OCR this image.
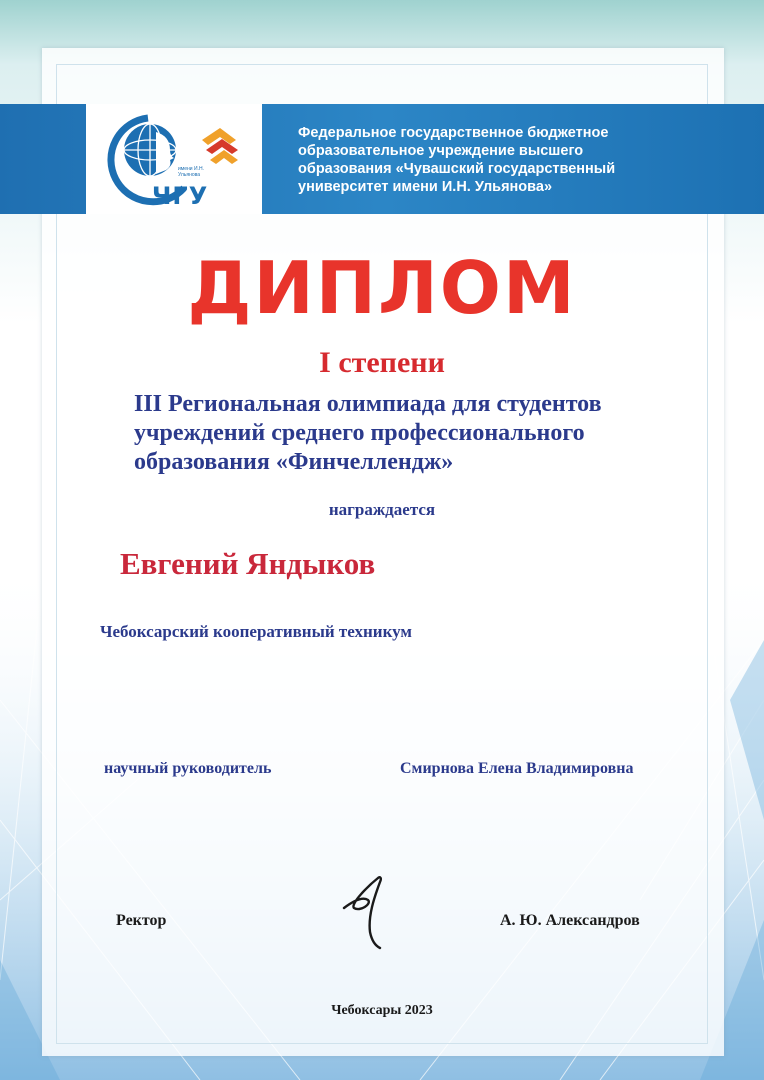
имени И.Н. Ульянова
ЧГУ
Федеральное государственное бюджетное
образовательное учреждение высшего
образования «Чувашский государственный
университет имени И.Н. Ульянова»
ДИПЛОМ
I степени
III Региональная олимпиада для студентов
учреждений среднего профессионального
образования «Финчеллендж»

награждается

Евгений Яндыков

Чебоксарский кооперативный техникум

научный руководитель	Смирнова Елена Владимировна

Ректор	А. Ю. Александров

Чебоксары 2023
